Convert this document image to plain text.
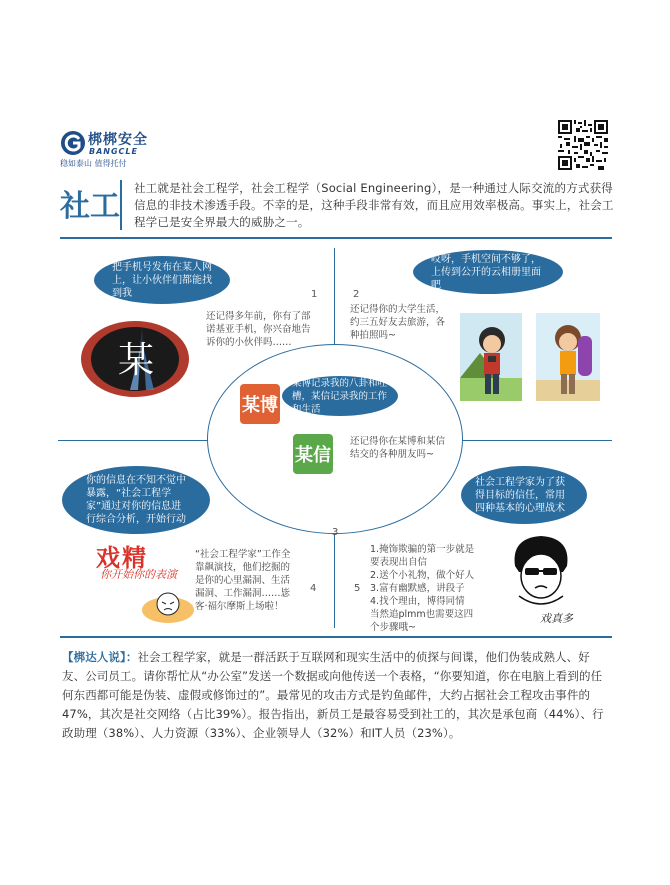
梆梆安全
BANGCLE
稳如泰山 值得托付
社工
社工就是社会工程学，社会工程学（Social Engineering），是一种通过人际交流的方式获得信息的非技术渗透手段。不幸的是，这种手段非常有效，而且应用效率极高。事实上，社会工程学已是安全界最大的威胁之一。
1	2
3
4	5
把手机号发布在某人网上，让小伙伴们都能找到我
哎呀，手机空间不够了，上传到公开的云相册里面吧
某博记录我的八卦和吐槽，某信记录我的工作和生活
你的信息在不知不觉中暴露，“社会工程学家”通过对你的信息进行综合分析，开始行动
社会工程学家为了获得目标的信任，常用四种基本的心理战术
还记得多年前，你有了部诺基亚手机，你兴奋地告诉你的小伙伴吗……
还记得你的大学生活，约三五好友去旅游，各种拍照吗~
还记得你在某博和某信结交的各种朋友吗~
“社会工程学家”工作全靠飙演技，他们挖掘的是你的心里漏洞、生活漏洞、工作漏洞……毖客·福尔摩斯上场啦！
1.掩饰欺骗的第一步就是要表现出自信
2.送个小礼物，做个好人
3.富有幽默感，讲段子
4.找个理由，博得同情
当然追plmm也需要这四个步骤哦~
某
某博
某信
戏精
你开始你的表演
戏真多
【梆达人说】：社会工程学家，就是一群活跃于互联网和现实生活中的侦探与间谍，他们伪装成熟人、好友、公司员工。请你帮忙从“办公室”发送一个数据或向他传送一个表格，“你要知道，你在电脑上看到的任何东西都可能是伪装、虚假或修饰过的”。最常见的攻击方式是钓鱼邮件，大约占据社会工程攻击事件的47%，其次是社交网络（占比39%）。报告指出，新员工是最容易受到社工的，其次是承包商（44%）、行政助理（38%）、人力资源（33%）、企业领导人（32%）和IT人员（23%）。
